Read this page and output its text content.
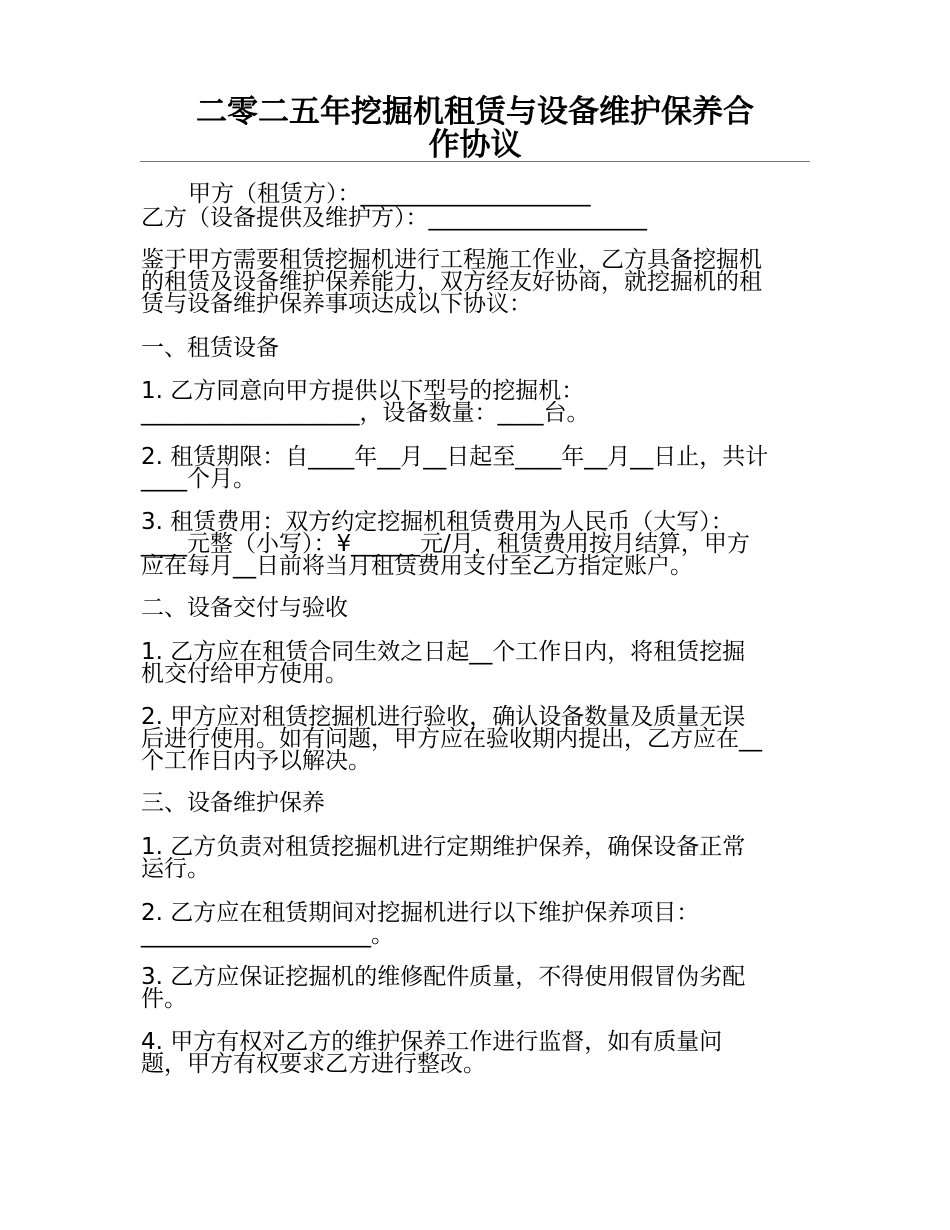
二零二五年挖掘机租赁与设备维护保养合
作协议
甲方（租赁方）：____________________
乙方（设备提供及维护方）：___________________
鉴于甲方需要租赁挖掘机进行工程施工作业，乙方具备挖掘机
的租赁及设备维护保养能力，双方经友好协商，就挖掘机的租
赁与设备维护保养事项达成以下协议：
一、租赁设备
1. 乙方同意向甲方提供以下型号的挖掘机：
___________________，设备数量：____台。
2. 租赁期限：自____年__月__日起至____年__月__日止，共计
____个月。
3. 租赁费用：双方约定挖掘机租赁费用为人民币（大写）：
____元整（小写）：¥______元/月，租赁费用按月结算，甲方
应在每月__日前将当月租赁费用支付至乙方指定账户。
二、设备交付与验收
1. 乙方应在租赁合同生效之日起__个工作日内，将租赁挖掘
机交付给甲方使用。
2. 甲方应对租赁挖掘机进行验收，确认设备数量及质量无误
后进行使用。如有问题，甲方应在验收期内提出，乙方应在__
个工作日内予以解决。
三、设备维护保养
1. 乙方负责对租赁挖掘机进行定期维护保养，确保设备正常
运行。
2. 乙方应在租赁期间对挖掘机进行以下维护保养项目：
____________________。
3. 乙方应保证挖掘机的维修配件质量，不得使用假冒伪劣配
件。
4. 甲方有权对乙方的维护保养工作进行监督，如有质量问
题，甲方有权要求乙方进行整改。
